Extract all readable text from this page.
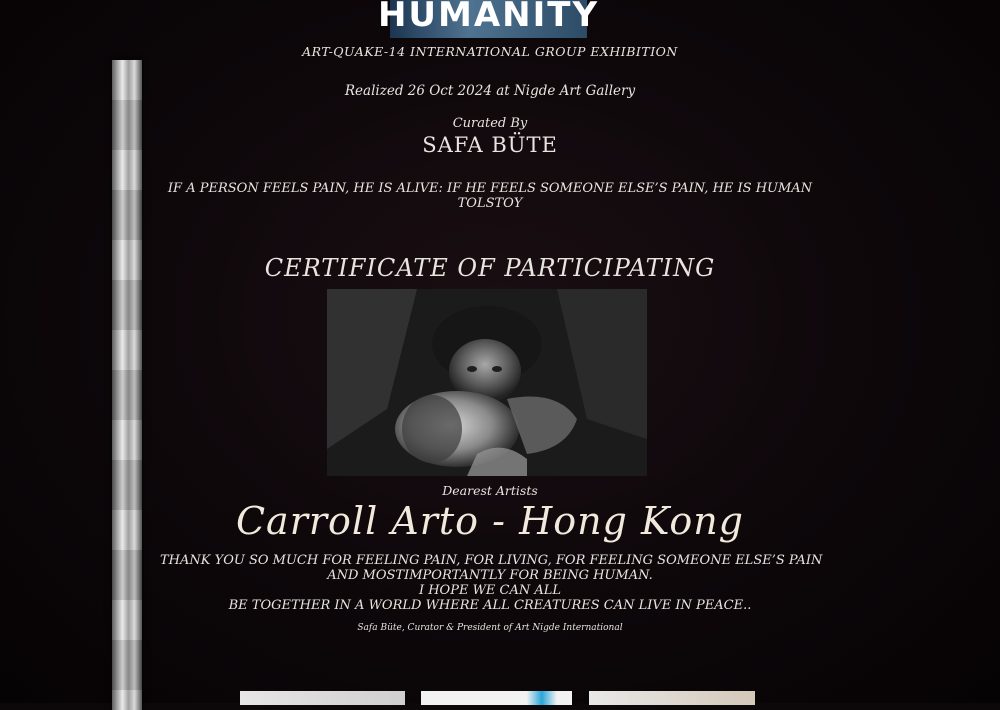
HUMANITY
ART-QUAKE-14 INTERNATIONAL GROUP EXHIBITION
Realized 26 Oct 2024 at Nigde Art Gallery
Curated By
SAFA BÜTE
IF A PERSON FEELS PAIN, HE IS ALIVE: IF HE FEELS SOMEONE ELSE’S PAIN, HE IS HUMAN
TOLSTOY
CERTIFICATE OF PARTICIPATING
Dearest Artists
Carroll Arto - Hong Kong
THANK YOU SO MUCH FOR FEELING PAIN, FOR LIVING, FOR FEELING SOMEONE ELSE’S PAIN
AND MOSTIMPORTANTLY FOR BEING HUMAN.
I HOPE WE CAN ALL
BE TOGETHER IN A WORLD WHERE ALL CREATURES CAN LIVE IN PEACE..
Safa Büte, Curator & President of Art Nigde International
